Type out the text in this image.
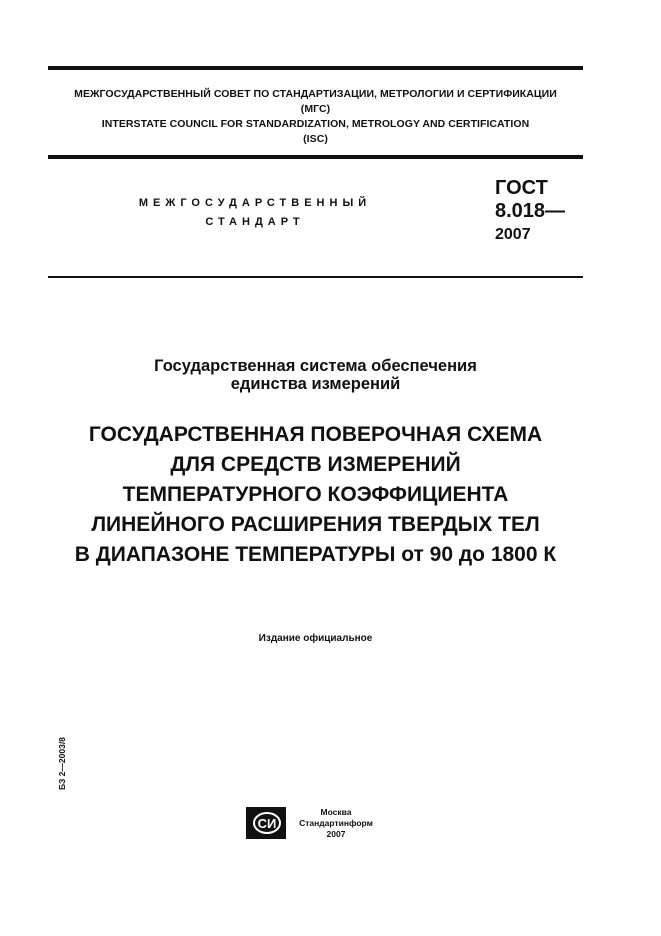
МЕЖГОСУДАРСТВЕННЫЙ СОВЕТ ПО СТАНДАРТИЗАЦИИ, МЕТРОЛОГИИ И СЕРТИФИКАЦИИ
(МГС)
INTERSTATE COUNCIL FOR STANDARDIZATION, METROLOGY AND CERTIFICATION
(ISC)
МЕЖГОСУДАРСТВЕННЫЙ
СТАНДАРТ
ГОСТ
8.018—
2007
Государственная система обеспечения
единства измерений
ГОСУДАРСТВЕННАЯ ПОВЕРОЧНАЯ СХЕМА
ДЛЯ СРЕДСТВ ИЗМЕРЕНИЙ
ТЕМПЕРАТУРНОГО КОЭФФИЦИЕНТА
ЛИНЕЙНОГО РАСШИРЕНИЯ ТВЕРДЫХ ТЕЛ
В ДИАПАЗОНЕ ТЕМПЕРАТУРЫ от 90 до 1800 К
Издание официальное
БЗ 2—2003/8
СИ
Москва
Стандартинформ
2007
